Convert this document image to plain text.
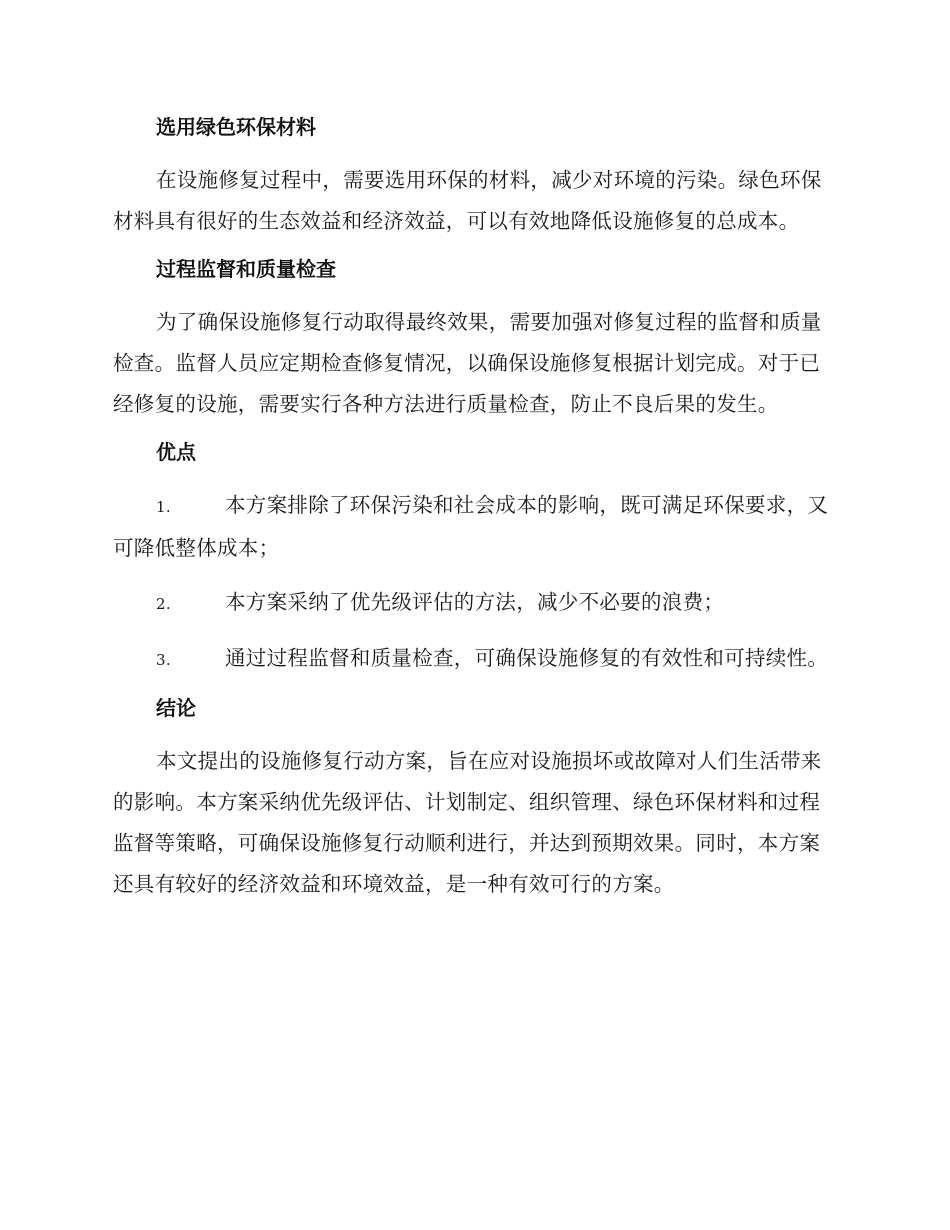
选用绿色环保材料

在设施修复过程中，需要选用环保的材料，减少对环境的污染。绿色环保材料具有很好的生态效益和经济效益，可以有效地降低设施修复的总成本。

过程监督和质量检查

为了确保设施修复行动取得最终效果，需要加强对修复过程的监督和质量检查。监督人员应定期检查修复情况，以确保设施修复根据计划完成。对于已经修复的设施，需要实行各种方法进行质量检查，防止不良后果的发生。

优点

1.	本方案排除了环保污染和社会成本的影响，既可满足环保要求，又可降低整体成本；

2.	本方案采纳了优先级评估的方法，减少不必要的浪费；

3.	通过过程监督和质量检查，可确保设施修复的有效性和可持续性。

结论

本文提出的设施修复行动方案，旨在应对设施损坏或故障对人们生活带来的影响。本方案采纳优先级评估、计划制定、组织管理、绿色环保材料和过程监督等策略，可确保设施修复行动顺利进行，并达到预期效果。同时，本方案还具有较好的经济效益和环境效益，是一种有效可行的方案。
